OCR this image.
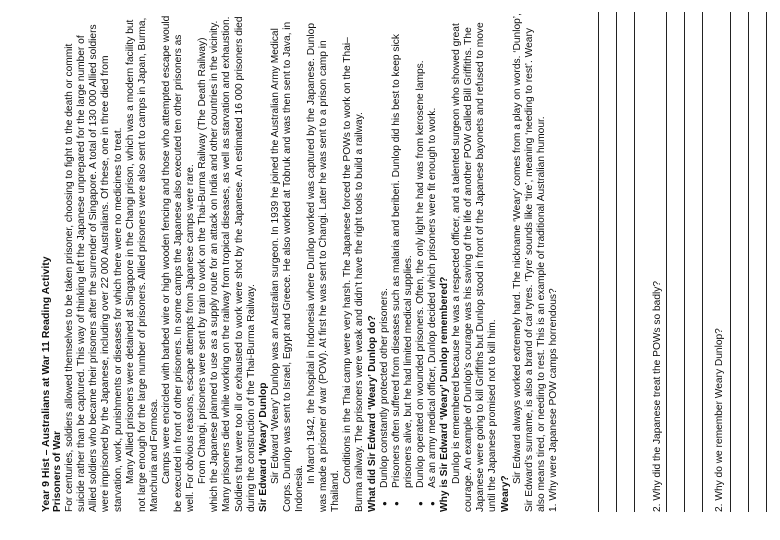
Year 9 Hist – Australians at War 11 Reading Activity Prisoners of War For centuries, soldiers allowed themselves to be taken prisoner, choosing to fight to the death or commit suicide rather than be captured. This way of thinking left the Japanese unprepared for the large number of Allied soldiers who became their prisoners after the surrender of Singapore. A total of 130 000 Allied soldiers were imprisoned by the Japanese, including over 22 000 Australians. Of these, one in three died from starvation, work, punishments or diseases for which there were no medicines to treat. Many Allied prisoners were detained at Singapore in the Changi prison, which was a modern facility but not large enough for the large number of prisoners. Allied prisoners were also sent to camps in Japan, Burma, Manchuria and Formosa. Camps were encircled with barbed wire or high wooden fencing and those who attempted escape would be executed in front of other prisoners. In some camps the Japanese also executed ten other prisoners as well. For obvious reasons, escape attempts from Japanese camps were rare. From Changi, prisoners were sent by train to work on the Thai-Burma Railway (The Death Railway) which the Japanese planned to use as a supply route for an attack on India and other countries in the vicinity. Many prisoners died while working on the railway from tropical diseases, as well as starvation and exhaustion. Soldiers that were too ill or exhausted to work were shot by the Japanese. An estimated 16 000 prisoners died during the construction of the Thai-Burma Railway. Sir Edward ‘Weary’ Dunlop Sir Edward ‘Weary’ Dunlop was an Australian surgeon. In 1939 he joined the Australian Army Medical Corps. Dunlop was sent to Israel, Egypt and Greece. He also worked at Tobruk and was then sent to Java, in Indonesia.

In March 1942, the hospital in Indonesia where Dunlop worked was captured by the Japanese. Dunlop was made a prisoner of war (POW). At first he was sent to Changi. Later he was sent to a prison camp in Thailand.

Conditions in the Thai camp were very harsh. The Japanese forced the POWs to work on the Thai–Burma railway. The prisoners were weak and didn’t have the right tools to build a railway. What did Sir Edward ‘Weary’ Dunlop do? ● Dunlop constantly protected other prisoners. ● Prisoners often suffered from diseases such as malaria and beriberi. Dunlop did his best to keep sick prisoners alive, but he had limited medical supplies. ● Dunlop operated on wounded prisoners. Often, the only light he had was from kerosene lamps. ● As an army medical officer, Dunlop decided which prisoners were fit enough to work. Why is Sir Edward ‘Weary’ Dunlop remembered? Dunlop is remembered because he was a respected officer, and a talented surgeon who showed great courage. An example of Dunlop’s courage was his saving of the life of another POW called Bill Griffiths. The Japanese were going to kill Griffiths but Dunlop stood in front of the Japanese bayonets and refused to move until the Japanese promised not to kill him. Weary?

Sir Edward always worked extremely hard. The nickname ‘Weary’ comes from a play on words. ‘Dunlop’, Sir Edward’s surname, is also a brand of car tyres. ‘Tyre’ sounds like ‘tire’, meaning ‘needing to rest’. Weary also means tired, or needing to rest. This is an example of traditional Australian humour. 1. Why were Japanese POW camps horrendous?	2. Why did the Japanese treat the POWs so badly?	2. Why do we remember Weary Dunlop?
